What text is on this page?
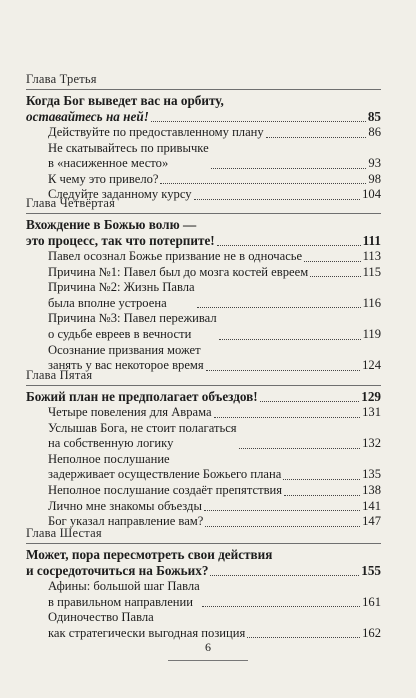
Глава Третья
Когда Бог выведет вас на орбиту,
оставайтесь на ней!	85
Действуйте по предоставленному плану	86
Не скатывайтесь по привычке
в «насиженное место»	93
К чему это привело?	98
Следуйте заданному курсу	104
Глава Четвёртая
Вхождение в Божью волю —
это процесс, так что потерпите!	111
Павел осознал Божье призвание не в одночасье	113
Причина №1: Павел был до мозга костей евреем	115
Причина №2: Жизнь Павла
была вполне устроена	116
Причина №3: Павел переживал
о судьбе евреев в вечности	119
Осознание призвания может
занять у вас некоторое время	124
Глава Пятая
Божий план не предполагает объездов!	129
Четыре повеления для Аврама	131
Услышав Бога, не стоит полагаться
на собственную логику	132
Неполное послушание
задерживает осуществление Божьего плана	135
Неполное послушание создаёт препятствия	138
Лично мне знакомы объезды	141
Бог указал направление вам?	147
Глава Шестая
Может, пора пересмотреть свои действия
и сосредоточиться на Божьих?	155
Афины: большой шаг Павла
в правильном направлении	161
Одиночество Павла
как стратегически выгодная позиция	162
6
